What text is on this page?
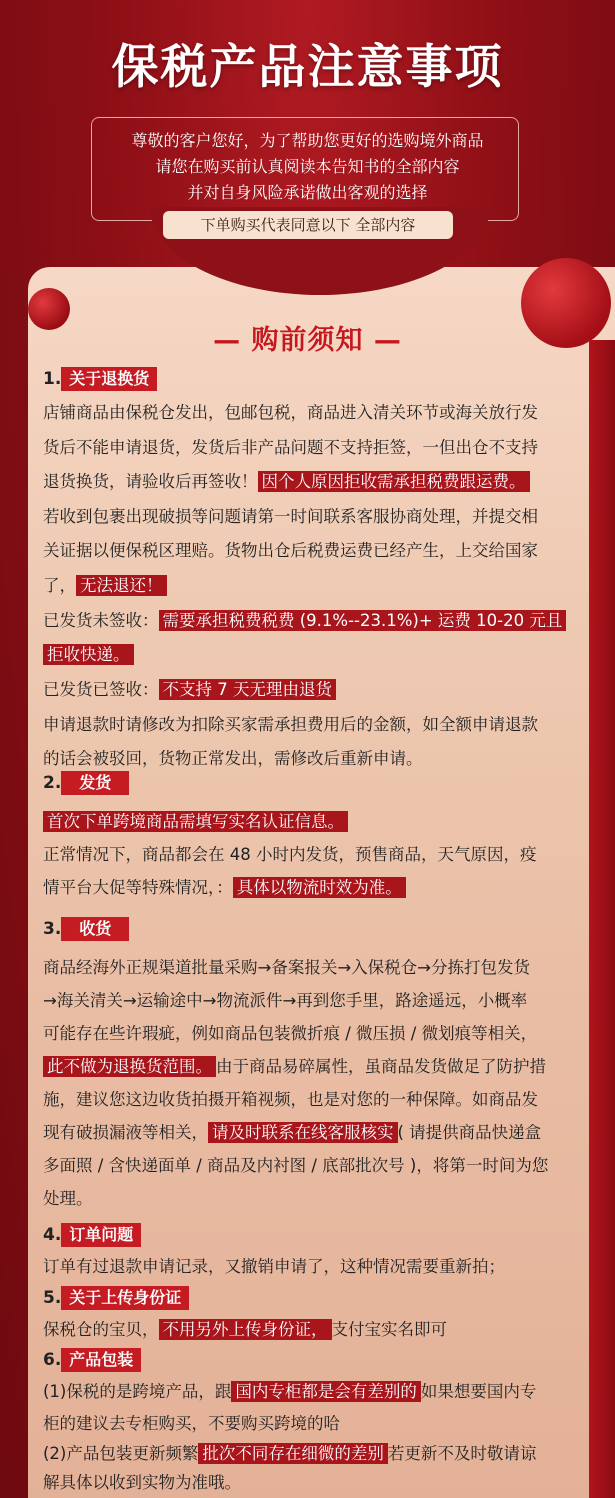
保税产品注意事项
尊敬的客户您好，为了帮助您更好的选购境外商品
请您在购买前认真阅读本告知书的全部内容
并对自身风险承诺做出客观的选择
下单购买代表同意以下 全部内容
— 购前须知 —
1. 关于退换货
店铺商品由保税仓发出，包邮包税，商品进入清关环节或海关放行发
货后不能申请退货，发货后非产品问题不支持拒签，一但出仓不支持
退货换货，请验收后再签收！ 因个人原因拒收需承担税费跟运费。
若收到包裹出现破损等问题请第一时间联系客服协商处理，并提交相
关证据以便保税区理赔。货物出仓后税费运费已经产生，上交给国家
了， 无法退还！
已发货未签收： 需要承担税费税费 (9.1%--23.1%)+ 运费 10-20 元且
拒收快递。
已发货已签收： 不支持 7 天无理由退货
申请退款时请修改为扣除买家需承担费用后的金额，如全额申请退款
的话会被驳回，货物正常发出，需修改后重新申请。
2. 发货
首次下单跨境商品需填写实名认证信息。
正常情况下，商品都会在 48 小时内发货，预售商品，天气原因，疫
情平台大促等特殊情况，： 具体以物流时效为准。
3. 收货
商品经海外正规渠道批量采购→备案报关→入保税仓→分拣打包发货
→海关清关→运输途中→物流派件→再到您手里，路途遥远，小概率
可能存在些许瑕疵，例如商品包装微折痕 / 微压损 / 微划痕等相关，
此不做为退换货范围。 由于商品易碎属性，虽商品发货做足了防护措
施，建议您这边收货拍摄开箱视频，也是对您的一种保障。如商品发
现有破损漏液等相关， 请及时联系在线客服核实 ( 请提供商品快递盒
多面照 / 含快递面单 / 商品及内衬图 / 底部批次号 )，将第一时间为您
处理。
4. 订单问题
订单有过退款申请记录，又撤销申请了，这种情况需要重新拍；
5. 关于上传身份证
保税仓的宝贝， 不用另外上传身份证， 支付宝实名即可
6. 产品包装
(1)保税的是跨境产品，跟 国内专柜都是会有差别的 如果想要国内专
柜的建议去专柜购买，不要购买跨境的哈
(2)产品包装更新频繁 批次不同存在细微的差别 若更新不及时敬请谅
解具体以收到实物为准哦。
